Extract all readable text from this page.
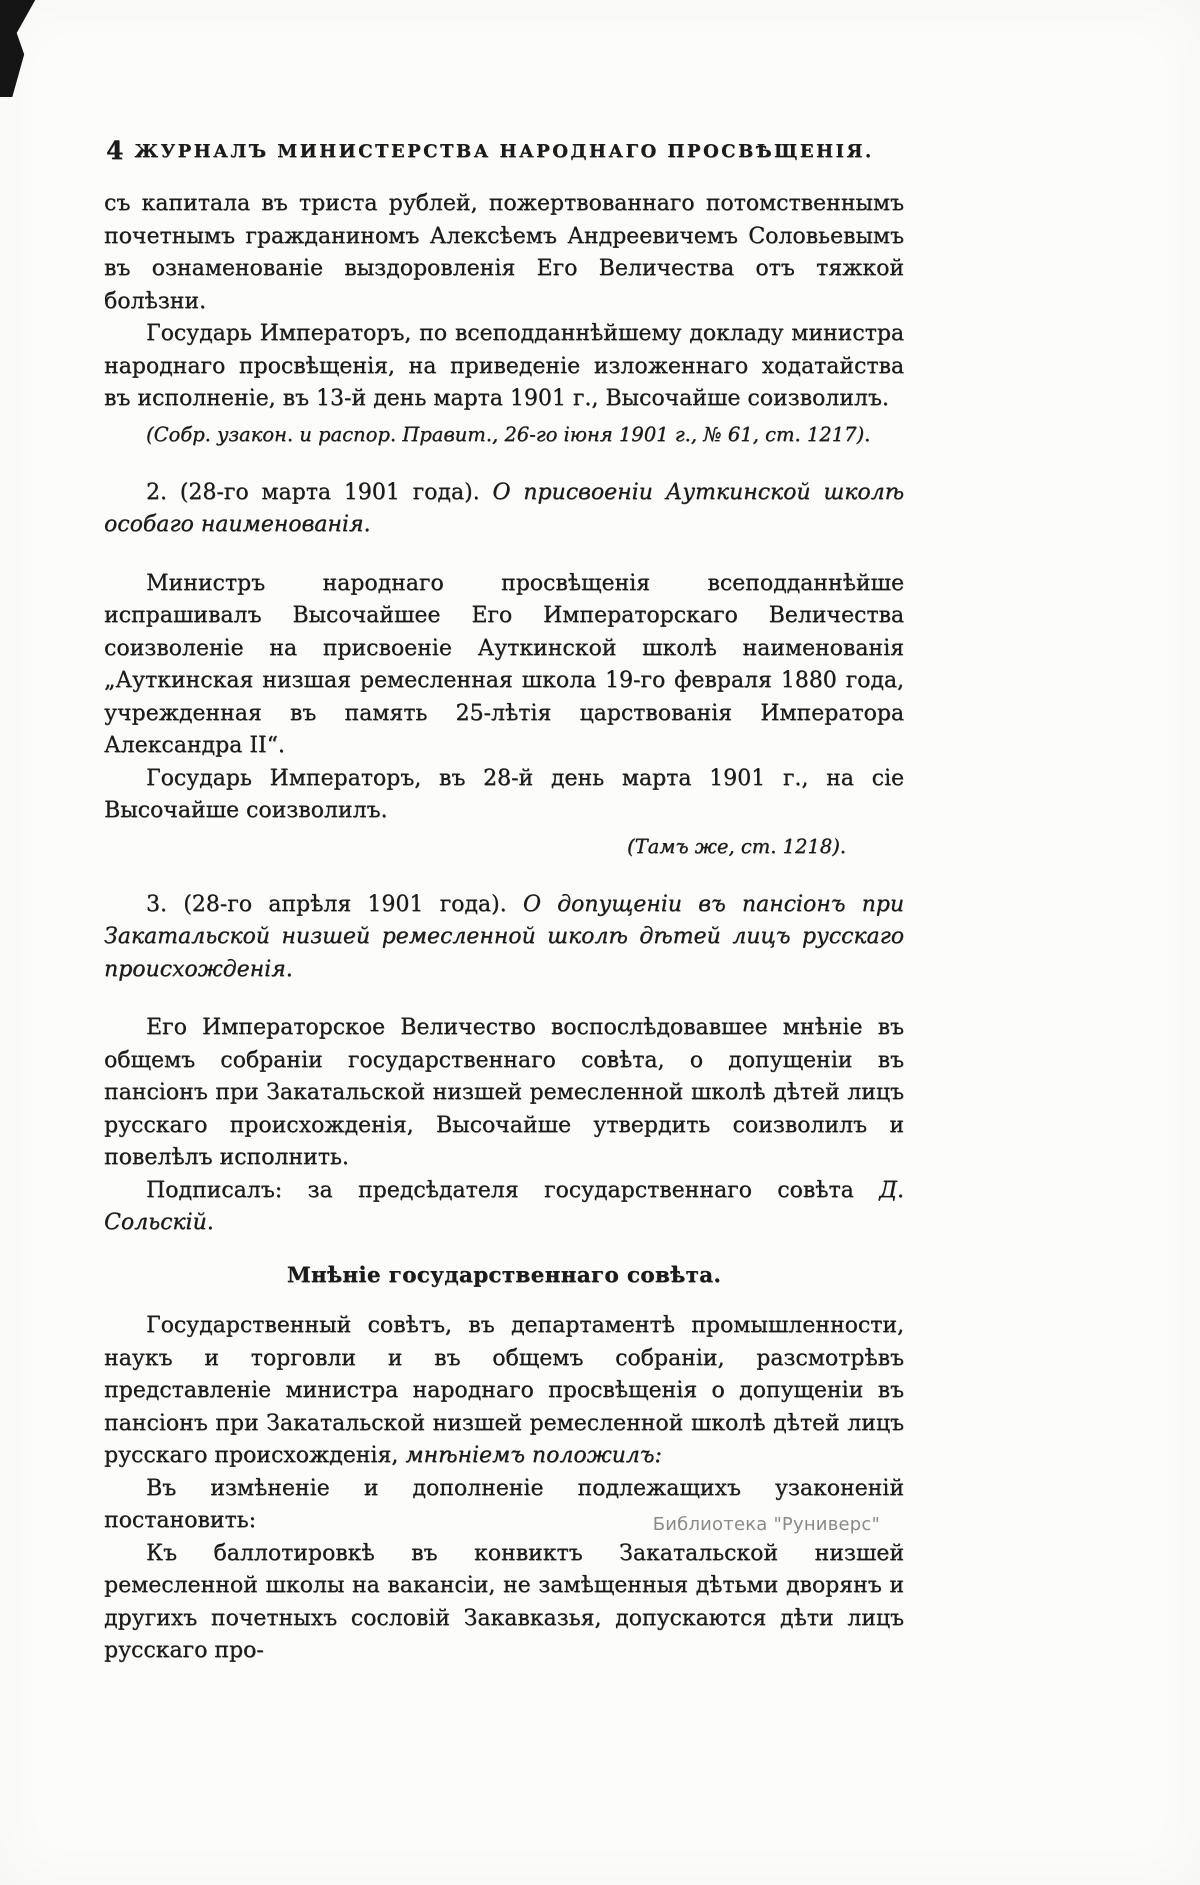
4 ЖУРНАЛЪ МИНИСТЕРСТВА НАРОДНАГО ПРОСВѢЩЕНІЯ.

съ капитала въ триста рублей, пожертвованнаго потомственнымъ почетнымъ гражданиномъ Алексѣемъ Андреевичемъ Соловьевымъ въ ознаменованіе выздоровленія Его Величества отъ тяжкой болѣзни.

Государь Императоръ, по всеподданнѣйшему докладу министра народнаго просвѣщенія, на приведеніе изложеннаго ходатайства въ исполненіе, въ 13-й день марта 1901 г., Высочайше соизволилъ.

(Собр. узакон. и распор. Правит., 26-го іюня 1901 г., № 61, ст. 1217).

2. (28-го марта 1901 года). О присвоеніи Ауткинской школѣ особаго наименованія.

Министръ народнаго просвѣщенія всеподданнѣйше испрашивалъ Высочайшее Его Императорскаго Величества соизволеніе на присвоеніе Ауткинской школѣ наименованія „Ауткинская низшая ремесленная школа 19-го февраля 1880 года, учрежденная въ память 25-лѣтія царствованія Императора Александра II“.

Государь Императоръ, въ 28-й день марта 1901 г., на сіе Высочайше соизволилъ.

(Тамъ же, ст. 1218).

3. (28-го апрѣля 1901 года). О допущеніи въ пансіонъ при Закатальской низшей ремесленной школѣ дѣтей лицъ русскаго происхожденія.

Его Императорское Величество воспослѣдовавшее мнѣніе въ общемъ собраніи государственнаго совѣта, о допущеніи въ пансіонъ при Закатальской низшей ремесленной школѣ дѣтей лицъ русскаго происхожденія, Высочайше утвердить соизволилъ и повелѣлъ исполнить.

Подписалъ: за предсѣдателя государственнаго совѣта Д. Сольскій.

Мнѣніе государственнаго совѣта.

Государственный совѣтъ, въ департаментѣ промышленности, наукъ и торговли и въ общемъ собраніи, разсмотрѣвъ представленіе министра народнаго просвѣщенія о допущеніи въ пансіонъ при Закатальской низшей ремесленной школѣ дѣтей лицъ русскаго происхожденія, мнѣніемъ положилъ:

Въ измѣненіе и дополненіе подлежащихъ узаконеній постановить:

Къ баллотировкѣ въ конвиктъ Закатальской низшей ремесленной школы на вакансіи, не замѣщенныя дѣтьми дворянъ и другихъ почетныхъ сословій Закавказья, допускаются дѣти лицъ русскаго про-

Библиотека "Руниверс"
